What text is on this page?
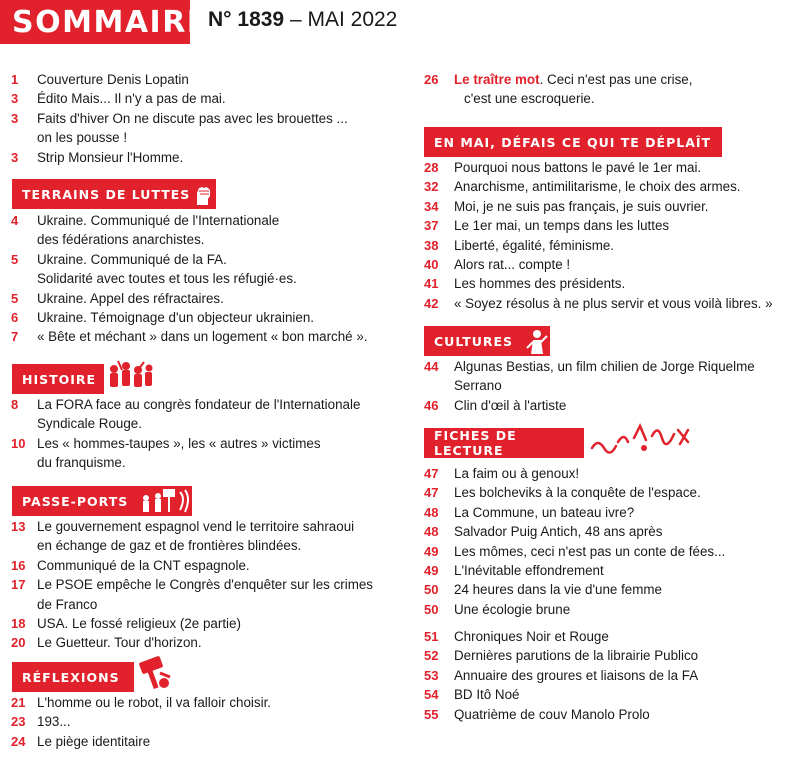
SOMMAIRE N° 1839 – MAI 2022
1 Couverture Denis Lopatin
3 Édito Mais... Il n'y a pas de mai.
3 Faits d'hiver On ne discute pas avec les brouettes ...
on les pousse !
3 Strip Monsieur l'Homme.
TERRAINS DE LUTTES
4 Ukraine. Communiqué de l'Internationale
des fédérations anarchistes.
5 Ukraine. Communiqué de la FA.
Solidarité avec toutes et tous les réfugié·es.
5 Ukraine. Appel des réfractaires.
6 Ukraine. Témoignage d'un objecteur ukrainien.
7 « Bête et méchant » dans un logement « bon marché ».
HISTOIRE
8 La FORA face au congrès fondateur de l'Internationale
Syndicale Rouge.
10 Les « hommes-taupes », les « autres » victimes
du franquisme.
PASSE-PORTS
13 Le gouvernement espagnol vend le territoire sahraoui
en échange de gaz et de frontières blindées.
16 Communiqué de la CNT espagnole.
17 Le PSOE empêche le Congrès d'enquêter sur les crimes
de Franco
18 USA. Le fossé religieux (2e partie)
20 Le Guetteur. Tour d'horizon.
RÉFLEXIONS
21 L'homme ou le robot, il va falloir choisir.
23 193...
24 Le piège identitaire
26 Le traître mot. Ceci n'est pas une crise,
c'est une escroquerie.
EN MAI, DÉFAIS CE QUI TE DÉPLAÎT
28 Pourquoi nous battons le pavé le 1er mai.
32 Anarchisme, antimilitarisme, le choix des armes.
34 Moi, je ne suis pas français, je suis ouvrier.
37 Le 1er mai, un temps dans les luttes
38 Liberté, égalité, féminisme.
40 Alors rat... compte !
41 Les hommes des présidents.
42 « Soyez résolus à ne plus servir et vous voilà libres. »
CULTURES
44 Algunas Bestias, un film chilien de Jorge Riquelme
Serrano
46 Clin d'œil à l'artiste
FICHES DE LECTURE
47 La faim ou à genoux!
47 Les bolcheviks à la conquête de l'espace.
48 La Commune, un bateau ivre?
48 Salvador Puig Antich, 48 ans après
49 Les mômes, ceci n'est pas un conte de fées...
49 L'Inévitable effondrement
50 24 heures dans la vie d'une femme
50 Une écologie brune
51 Chroniques Noir et Rouge
52 Dernières parutions de la librairie Publico
53 Annuaire des groures et liaisons de la FA
54 BD Itô Noé
55 Quatrième de couv Manolo Prolo
